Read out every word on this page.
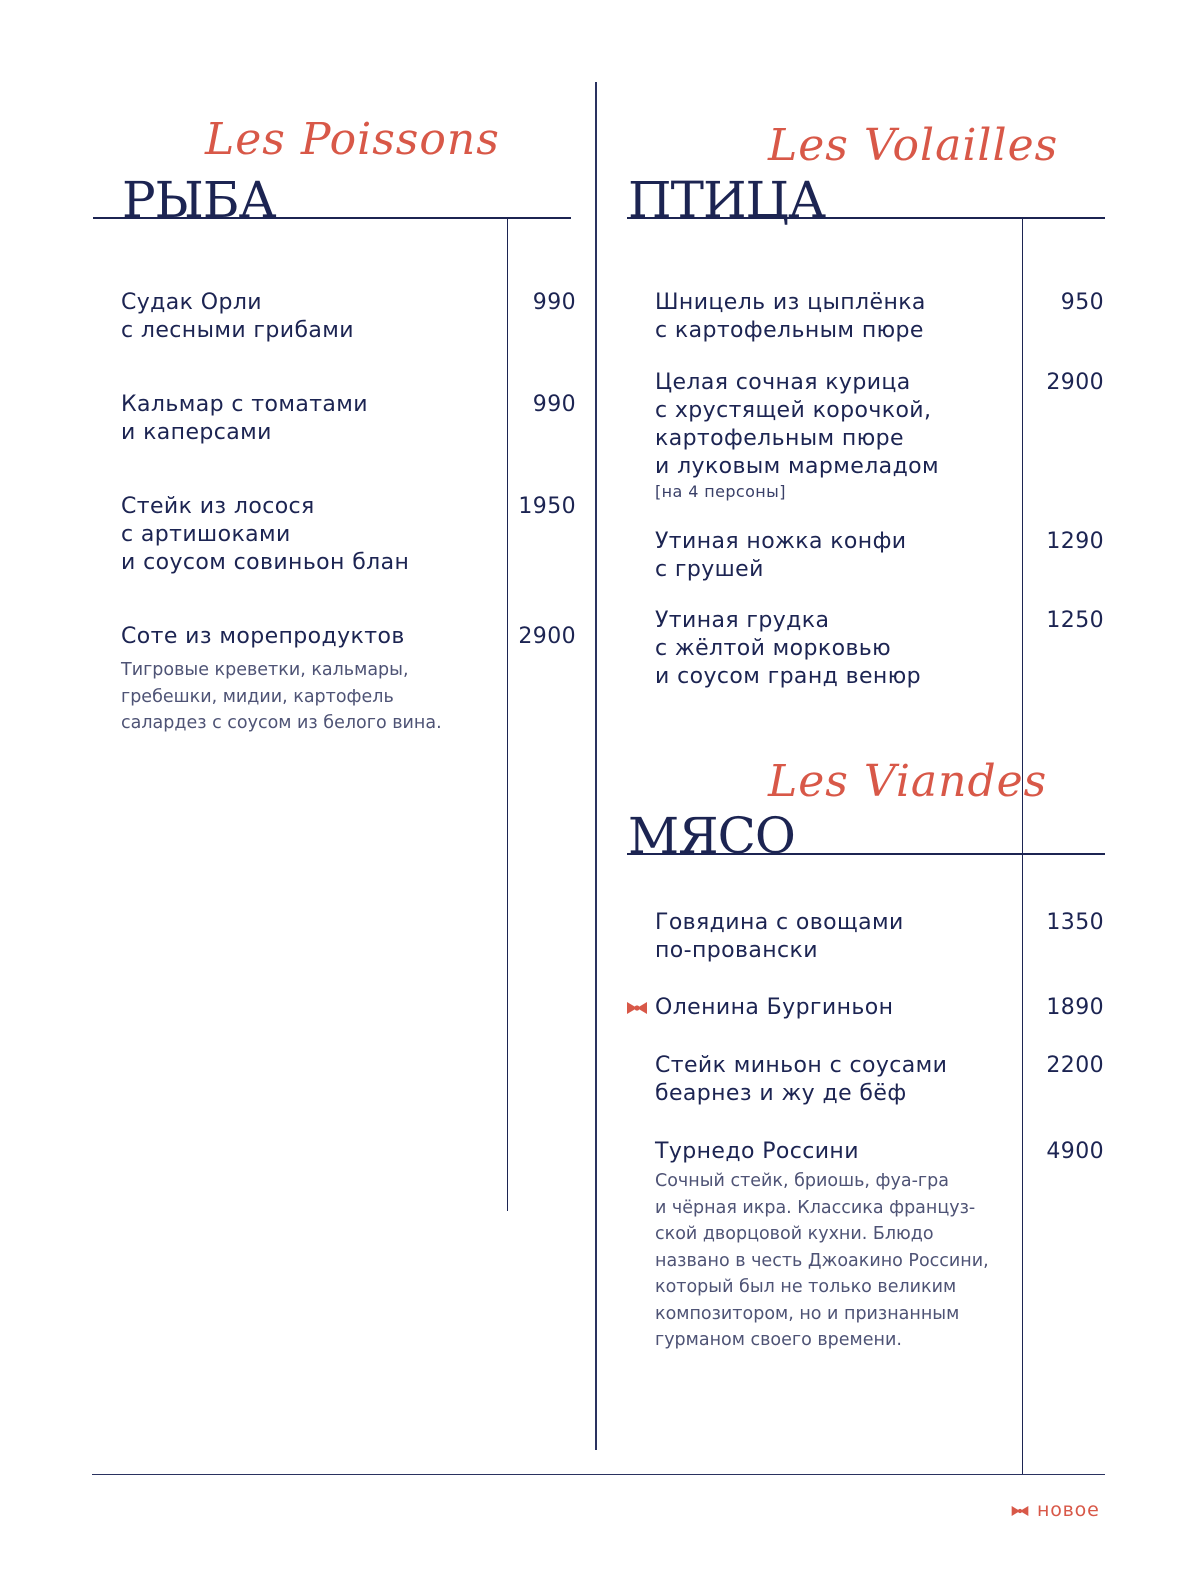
Les Poissons
РЫБА
Судак Орли
с лесными грибами
990
Кальмар с томатами
и каперсами
990
Стейк из лосося
с артишоками
и соусом совиньон блан
1950
Соте из морепродуктов	2900
Тигровые креветки, кальмары,
гребешки, мидии, картофель
салардез с соусом из белого вина.
Les Volailles
ПТИЦА
Шницель из цыплёнка
с картофельным пюре
950
Целая сочная курица
с хрустящей корочкой,
картофельным пюре
и луковым мармеладом
[на 4 персоны]
2900
Утиная ножка конфи
с грушей
1290
Утиная грудка
с жёлтой морковью
и соусом гранд венюр
1250
Les Viandes
МЯСО
Говядина с овощами
по-провански
1350
Оленина Бургиньон	1890
Стейк миньон с соусами
беарнез и жу де бёф
2200
Турнедо Россини	4900
Сочный стейк, бриошь, фуа-гра
и чёрная икра. Классика француз-
ской дворцовой кухни. Блюдо
названо в честь Джоакино Россини,
который был не только великим
композитором, но и признанным
гурманом своего времени.
новое
